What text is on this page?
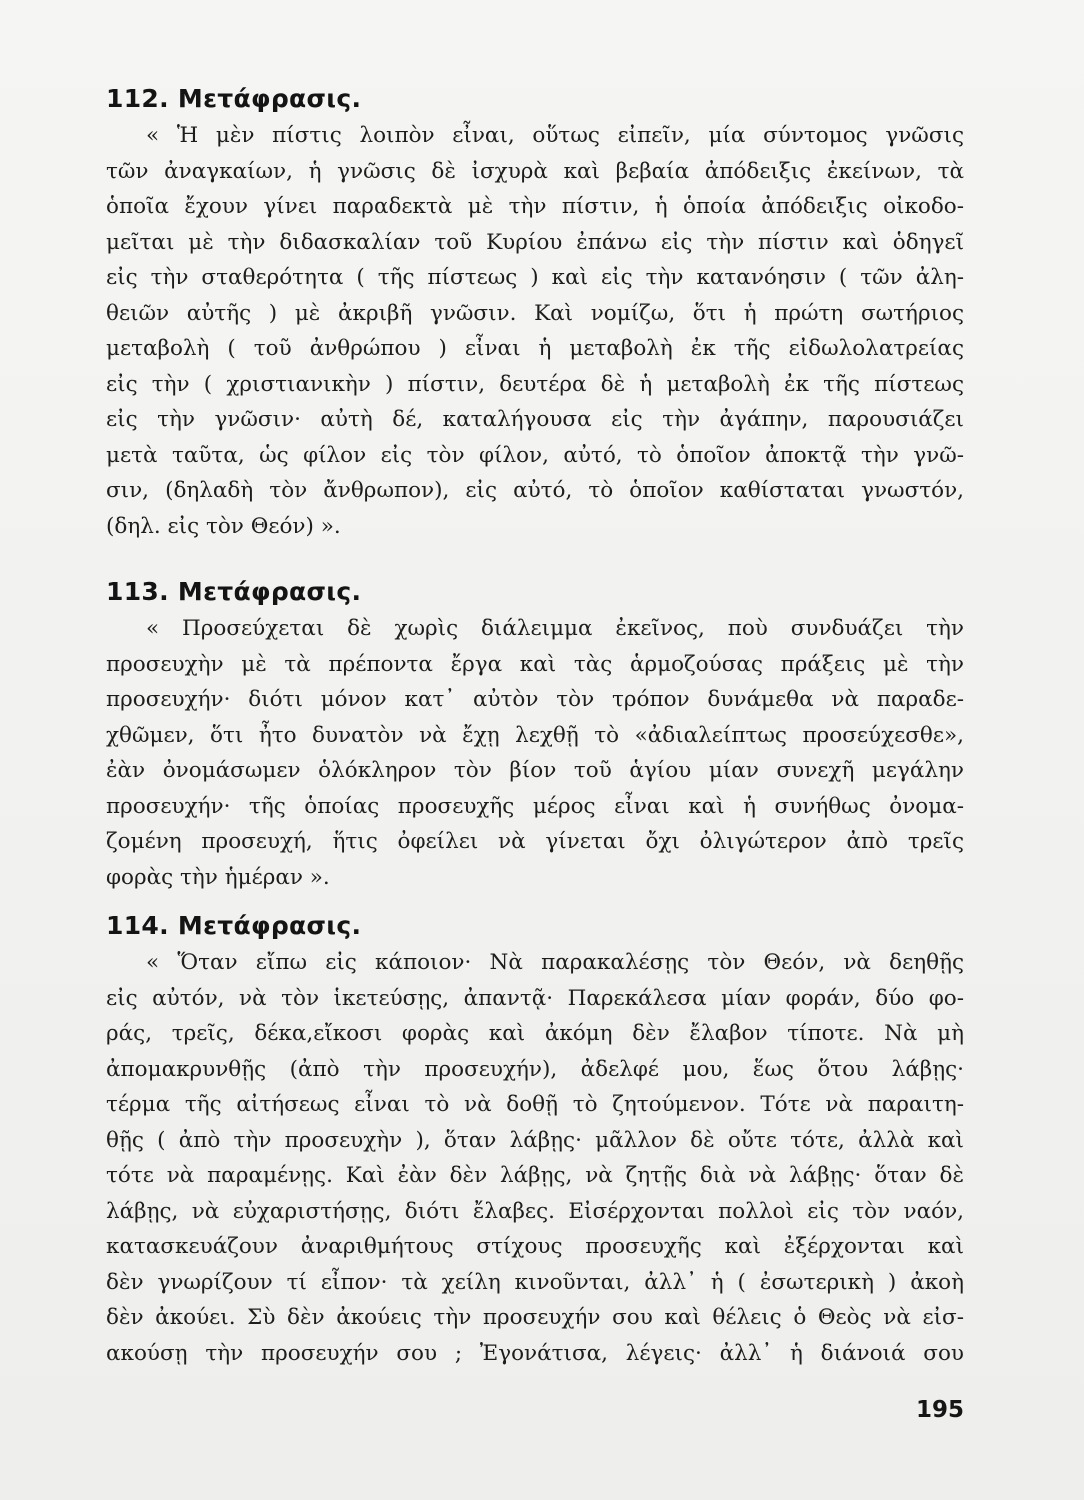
112. Μετάφρασις.
« Ἡ μὲν πίστις λοιπὸν εἶναι, οὕτως εἰπεῖν, μία σύντομος γνῶσις
τῶν ἀναγκαίων, ἡ γνῶσις δὲ ἰσχυρὰ καὶ βεβαία ἀπόδειξις ἐκείνων, τὰ
ὁποῖα ἔχουν γίνει παραδεκτὰ μὲ τὴν πίστιν, ἡ ὁποία ἀπόδειξις οἰκοδο-
μεῖται μὲ τὴν διδασκαλίαν τοῦ Κυρίου ἐπάνω εἰς τὴν πίστιν καὶ ὁδηγεῖ
εἰς τὴν σταθερότητα ( τῆς πίστεως ) καὶ εἰς τὴν κατανόησιν ( τῶν ἀλη-
θειῶν αὐτῆς ) μὲ ἀκριβῆ γνῶσιν. Καὶ νομίζω, ὅτι ἡ πρώτη σωτήριος
μεταβολὴ ( τοῦ ἀνθρώπου ) εἶναι ἡ μεταβολὴ ἐκ τῆς εἰδωλολατρείας
εἰς τὴν ( χριστιανικὴν ) πίστιν, δευτέρα δὲ ἡ μεταβολὴ ἐκ τῆς πίστεως
εἰς τὴν γνῶσιν· αὐτὴ δέ, καταλήγουσα εἰς τὴν ἀγάπην, παρουσιάζει
μετὰ ταῦτα, ὡς φίλον εἰς τὸν φίλον, αὐτό, τὸ ὁποῖον ἀποκτᾷ τὴν γνῶ-
σιν, (δηλαδὴ τὸν ἄνθρωπον), εἰς αὐτό, τὸ ὁποῖον καθίσταται γνωστόν,
(δηλ. εἰς τὸν Θεόν) ».
113. Μετάφρασις.
« Προσεύχεται δὲ χωρὶς διάλειμμα ἐκεῖνος, ποὺ συνδυάζει τὴν
προσευχὴν μὲ τὰ πρέποντα ἔργα καὶ τὰς ἁρμοζούσας πράξεις μὲ τὴν
προσευχήν· διότι μόνον κατ᾽ αὐτὸν τὸν τρόπον δυνάμεθα νὰ παραδε-
χθῶμεν, ὅτι ἦτο δυνατὸν νὰ ἔχῃ λεχθῇ τὸ «ἀδιαλείπτως προσεύχεσθε»,
ἐὰν ὀνομάσωμεν ὁλόκληρον τὸν βίον τοῦ ἁγίου μίαν συνεχῆ μεγάλην
προσευχήν· τῆς ὁποίας προσευχῆς μέρος εἶναι καὶ ἡ συνήθως ὀνομα-
ζομένη προσευχή, ἥτις ὀφείλει νὰ γίνεται ὄχι ὀλιγώτερον ἀπὸ τρεῖς
φορὰς τὴν ἡμέραν ».
114. Μετάφρασις.
« Ὅταν εἴπω εἰς κάποιον· Νὰ παρακαλέσῃς τὸν Θεόν, νὰ δεηθῇς
εἰς αὐτόν, νὰ τὸν ἱκετεύσῃς, ἀπαντᾷ· Παρεκάλεσα μίαν φοράν, δύο φο-
ράς, τρεῖς, δέκα,εἴκοσι φορὰς καὶ ἀκόμη δὲν ἔλαβον τίποτε. Νὰ μὴ
ἀπομακρυνθῇς (ἀπὸ τὴν προσευχήν), ἀδελφέ μου, ἕως ὅτου λάβῃς·
τέρμα τῆς αἰτήσεως εἶναι τὸ νὰ δοθῇ τὸ ζητούμενον. Τότε νὰ παραιτη-
θῇς ( ἀπὸ τὴν προσευχὴν ), ὅταν λάβῃς· μᾶλλον δὲ οὔτε τότε, ἀλλὰ καὶ
τότε νὰ παραμένῃς. Καὶ ἐὰν δὲν λάβῃς, νὰ ζητῇς διὰ νὰ λάβῃς· ὅταν δὲ
λάβῃς, νὰ εὐχαριστήσῃς, διότι ἔλαβες. Εἰσέρχονται πολλοὶ εἰς τὸν ναόν,
κατασκευάζουν ἀναριθμήτους στίχους προσευχῆς καὶ ἐξέρχονται καὶ
δὲν γνωρίζουν τί εἶπον· τὰ χείλη κινοῦνται, ἀλλ᾽ ἡ ( ἐσωτερικὴ ) ἀκοὴ
δὲν ἀκούει. Σὺ δὲν ἀκούεις τὴν προσευχήν σου καὶ θέλεις ὁ Θεὸς νὰ εἰσ-
ακούσῃ τὴν προσευχήν σου ; Ἐγονάτισα, λέγεις· ἀλλ᾽ ἡ διάνοιά σου
195
